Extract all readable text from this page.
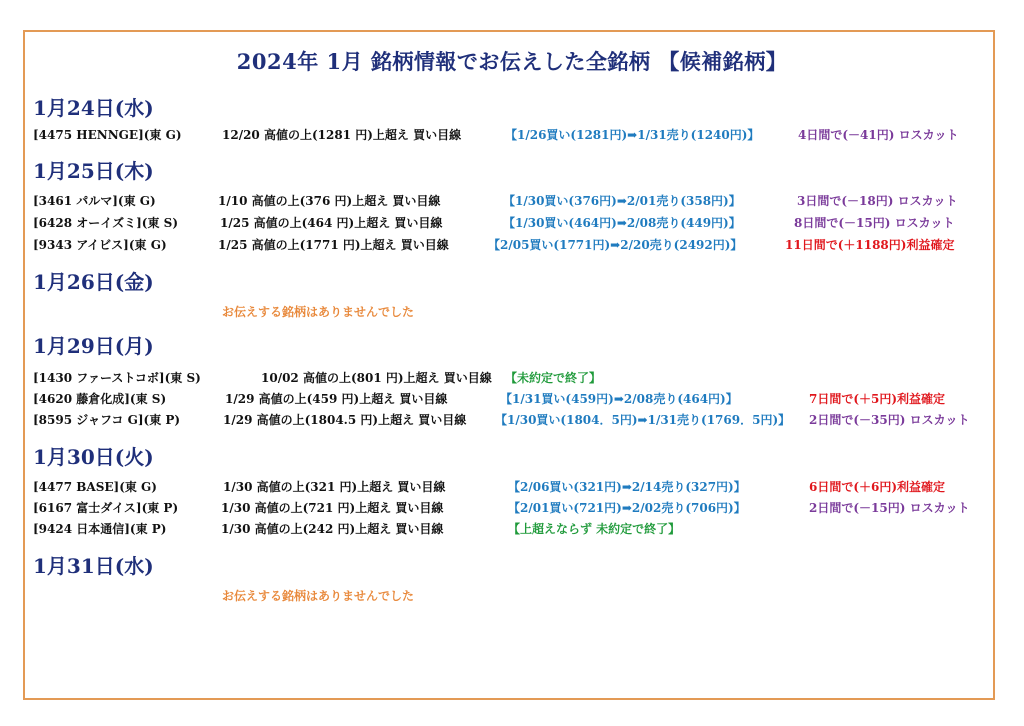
2024年 1月 銘柄情報でお伝えした全銘柄 【候補銘柄】
1月24日(水)
[4475 HENNGE](東 G)	12/20 高値の上(1281 円)上超え 買い目線	【1/26買い(1281円)➡1/31売り(1240円)】	4日間で(－41円) ロスカット
1月25日(木)
[3461 パルマ](東 G)	1/10 高値の上(376 円)上超え 買い目線	【1/30買い(376円)➡2/01売り(358円)】	3日間で(－18円) ロスカット
[6428 オーイズミ](東 S)	1/25 高値の上(464 円)上超え 買い目線	【1/30買い(464円)➡2/08売り(449円)】	8日間で(－15円) ロスカット
[9343 アイビス](東 G)	1/25 高値の上(1771 円)上超え 買い目線	【2/05買い(1771円)➡2/20売り(2492円)】	11日間で(＋1188円)利益確定
1月26日(金)
お伝えする銘柄はありませんでした
1月29日(月)
[1430 ファーストコボ](東 S)	10/02 高値の上(801 円)上超え 買い目線 【未約定で終了】
[4620 藤倉化成](東 S)	1/29 高値の上(459 円)上超え 買い目線	【1/31買い(459円)➡2/08売り(464円)】	7日間で(＋5円)利益確定
[8595 ジャフコ G](東 P)	1/29 高値の上(1804.5 円)上超え 買い目線 【1/30買い(1804．5円)➡1/31売り(1769．5円)】 2日間で(－35円) ロスカット
1月30日(火)
[4477 BASE](東 G)	1/30 高値の上(321 円)上超え 買い目線	【2/06買い(321円)➡2/14売り(327円)】	6日間で(＋6円)利益確定
[6167 富士ダイス](東 P)	1/30 高値の上(721 円)上超え 買い目線	【2/01買い(721円)➡2/02売り(706円)】	2日間で(－15円) ロスカット
[9424 日本通信](東 P)	1/30 高値の上(242 円)上超え 買い目線	【上超えならず 未約定で終了】
1月31日(水)
お伝えする銘柄はありませんでした
